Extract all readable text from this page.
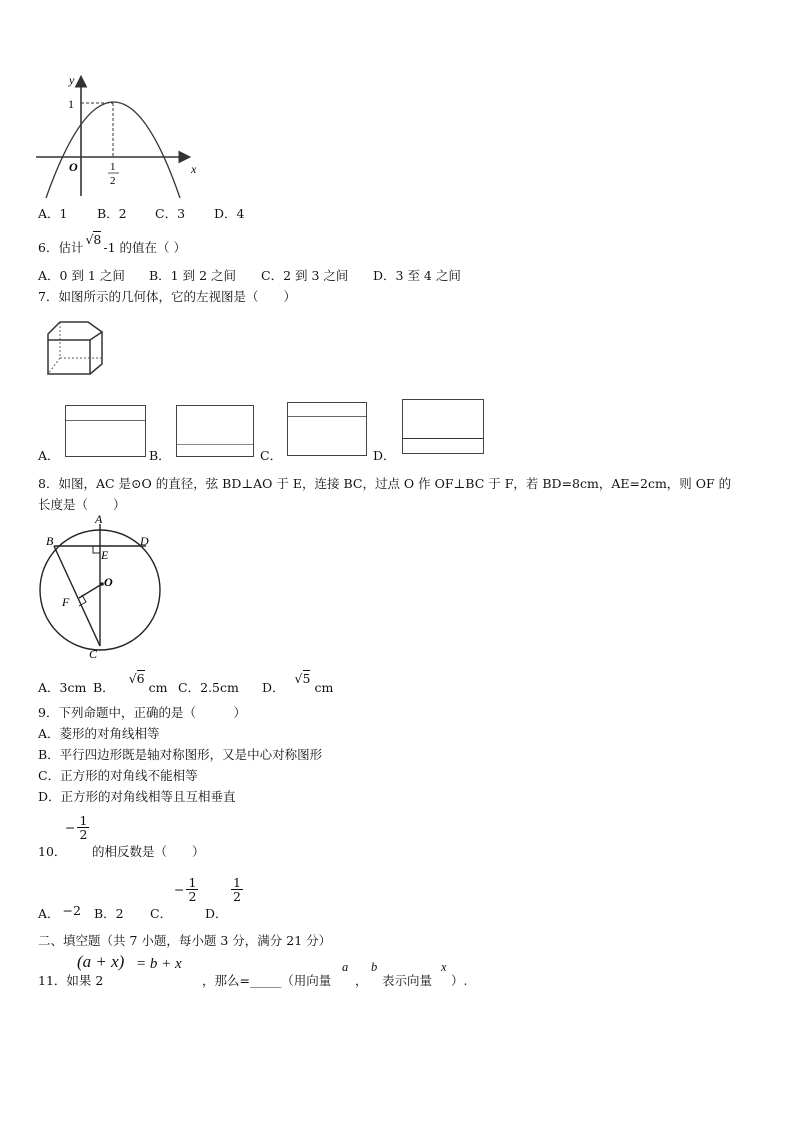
y
x
O
1
1
2
A．1 B．2 C．3 D．4
6．估计√8-1 的值在（ ）
A．0 到 1 之间 B．1 到 2 之间 C．2 到 3 之间 D．3 至 4 之间
7．如图所示的几何体，它的左视图是（　　）
A．	B．	C．	D．
8．如图，AC 是⊙O 的直径，弦 BD⊥AO 于 E，连接 BC，过点 O 作 OF⊥BC 于 F，若 BD=8cm，AE=2cm，则 OF 的
长度是（　　）
A
B	D
E
O
F
C
A．3cm B．√6cm C．2.5cm D．√5cm
9．下列命题中，正确的是（　　　）
A．菱形的对角线相等
B．平行四边形既是轴对称图形，又是中心对称图形
C．正方形的对角线不能相等
D．正方形的对角线相等且互相垂直
10．
− $\frac{1}{2}$
的相反数是（　　）
A． −2 B．2 C．
− $\frac{1}{2}$
D．
$\frac{1}{2}$
二、填空题（共 7 小题，每小题 3 分，满分 21 分）
11．如果 2
(a + x) = b + x
，那么=_____（用向量
a
，
b
表示向量
x
）.
